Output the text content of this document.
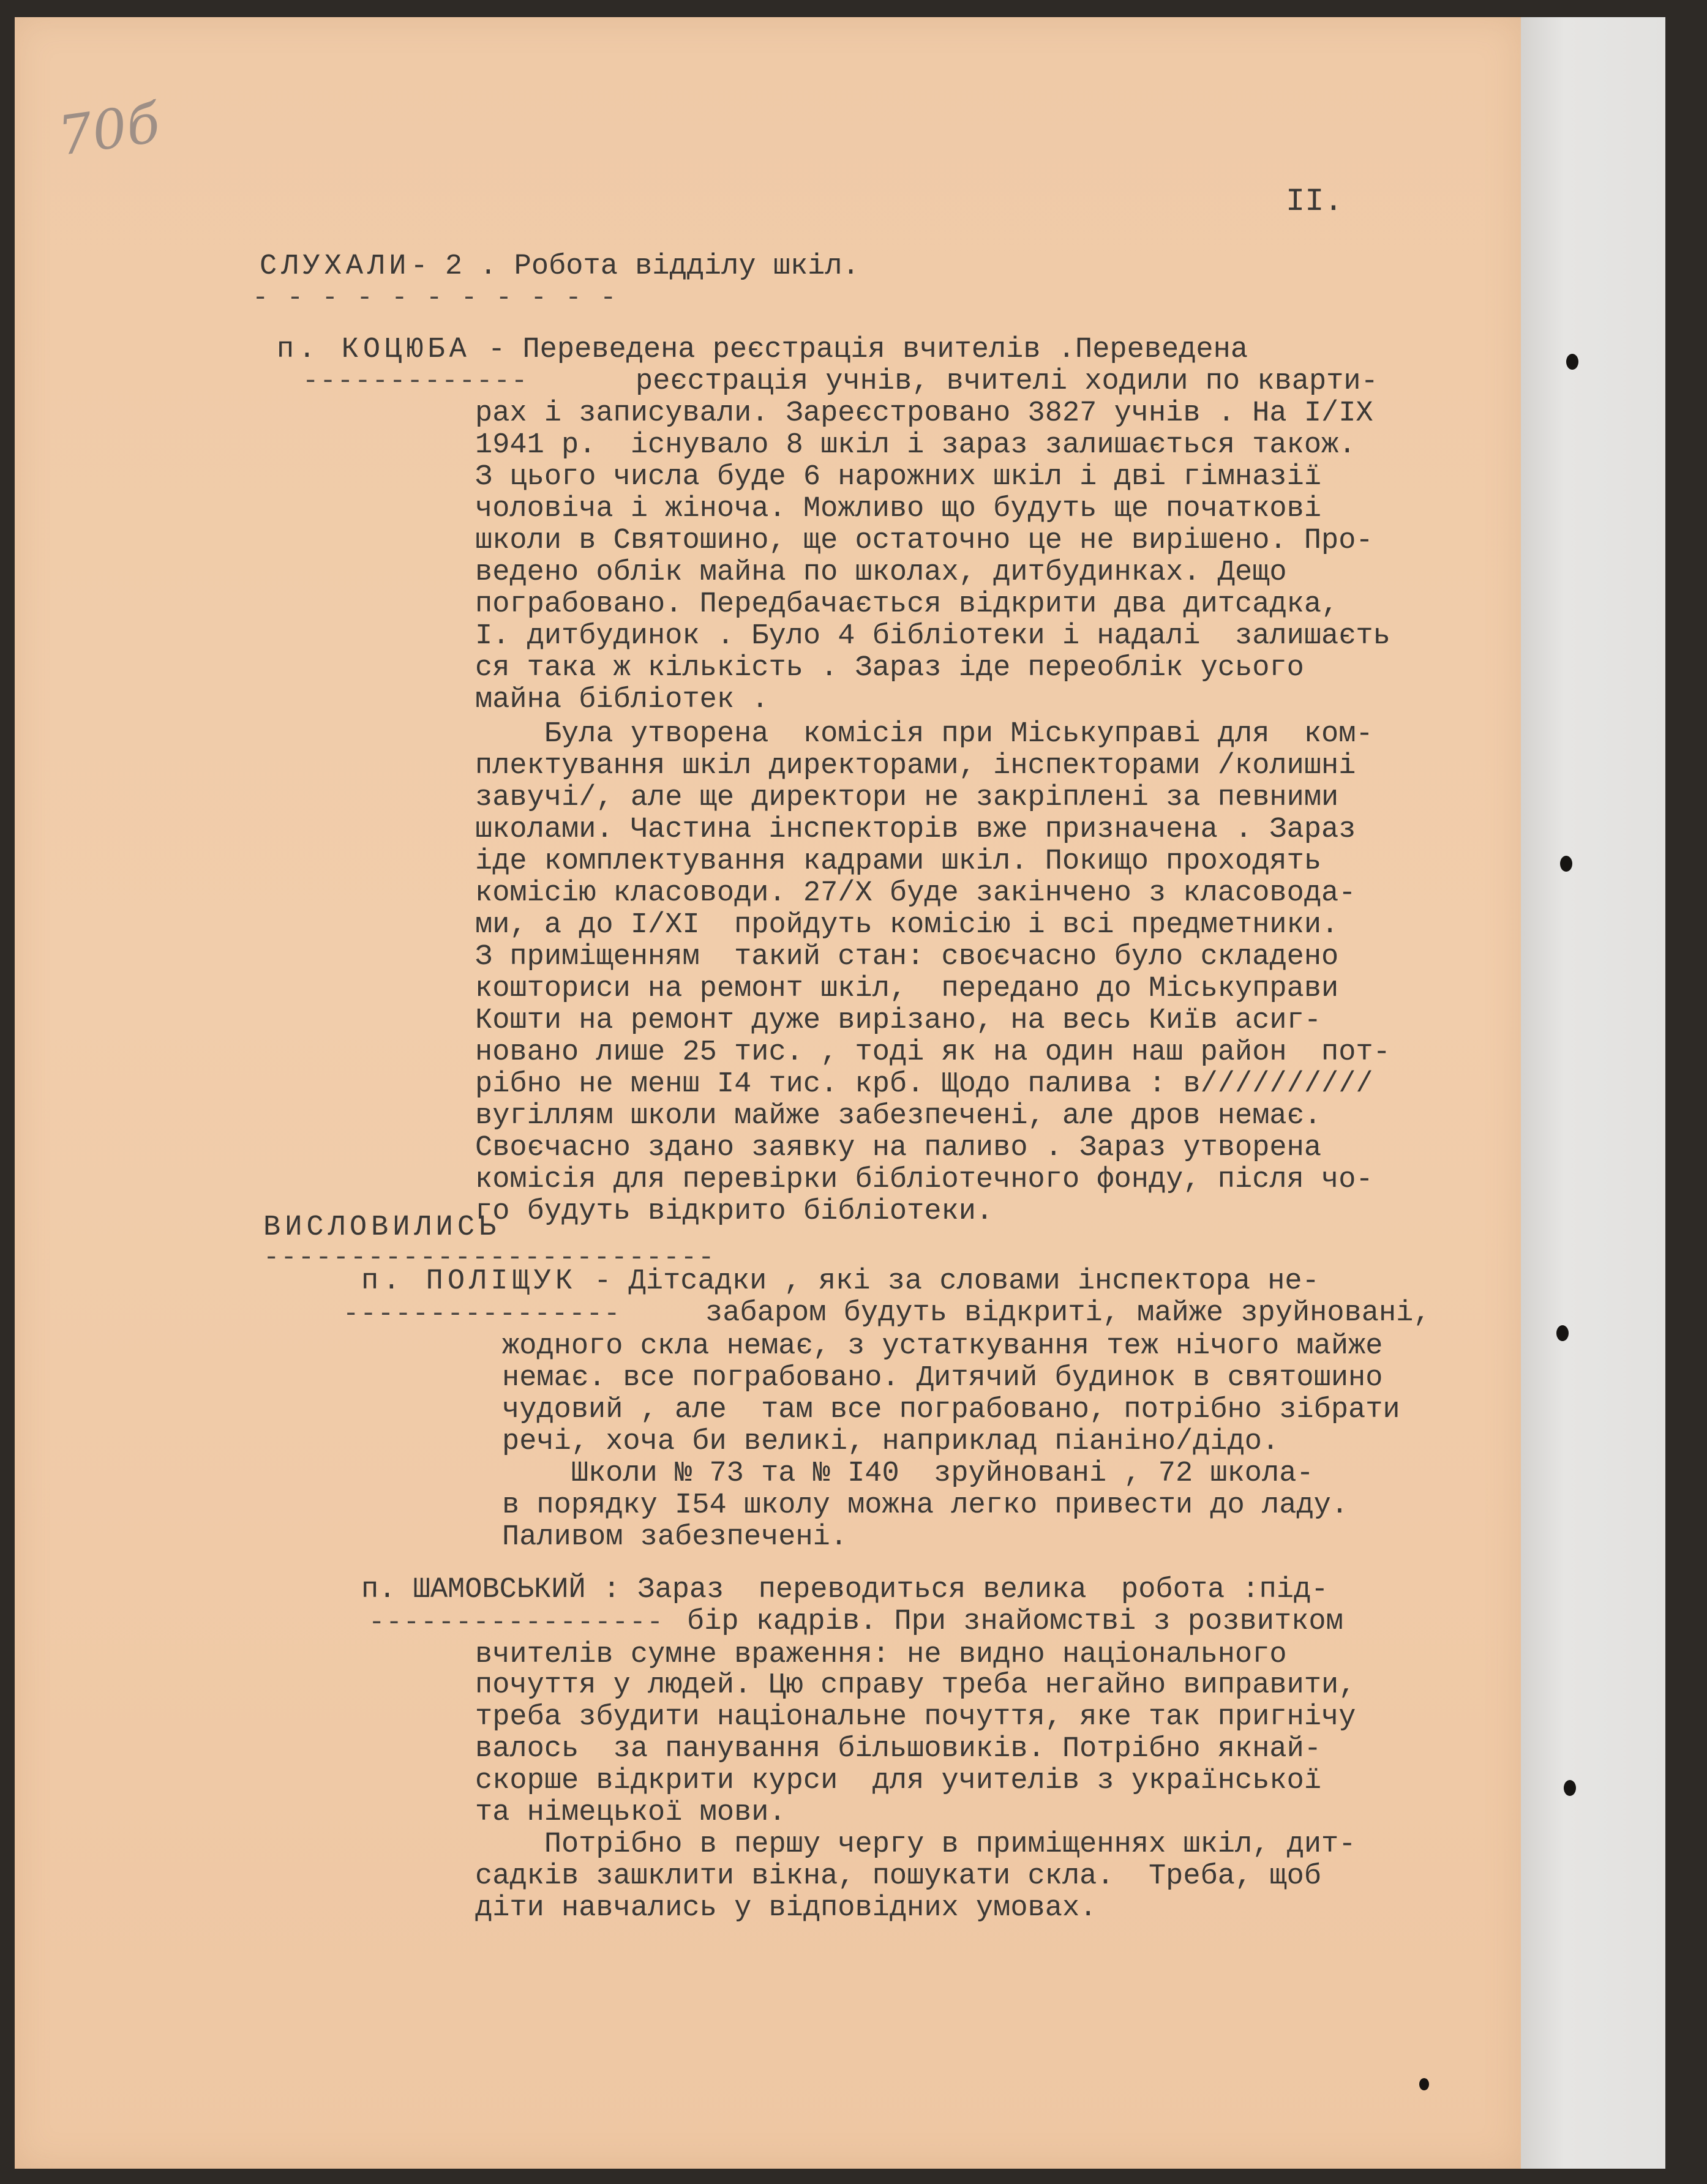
70б
II.
СЛУХАЛИ- 2 . Робота відділу шкіл.
- - - - - - - - - - -
п. КОЦЮБА - Переведена реєстрація вчителів .Переведена
-------------	реєстрація учнів, вчителі ходили по кварти-
рах і записували. Зареєстровано 3827 учнів . На І/ІХ
1941 р.  існувало 8 шкіл і зараз залишається також.
З цього числа буде 6 нарожних шкіл і дві гімназії
чоловіча і жіноча. Можливо що будуть ще початкові
школи в Святошино, ще остаточно це не вирішено. Про-
ведено облік майна по школах, дитбудинках. Дещо
пограбовано. Передбачається відкрити два дитсадка,
І. дитбудинок . Було 4 бібліотеки і надалі  залишаєть
ся така ж кількість . Зараз іде переоблік усього
майна бібліотек .
Була утворена  комісія при Міськуправі для  ком-
плектування шкіл директорами, інспекторами /колишні
завучі/, але ще директори не закріплені за певними
школами. Частина інспекторів вже призначена . Зараз
іде комплектування кадрами шкіл. Покищо проходять
комісію класоводи. 27/Х буде закінчено з класовода-
ми, а до І/ХІ  пройдуть комісію і всі предметники.
З приміщенням  такий стан: своєчасно було складено
кошториси на ремонт шкіл,  передано до Міськуправи
Кошти на ремонт дуже вирізано, на весь Київ асиг-
новано лише 25 тис. , тоді як на один наш район  пот-
рібно не менш І4 тис. крб. Щодо палива : в//////////
вугіллям школи майже забезпечені, але дров немає.
Своєчасно здано заявку на паливо . Зараз утворена
комісія для перевірки бібліотечного фонду, після чо-
го будуть відкрито бібліотеки.
ВИСЛОВИЛИСЬ
--------------------------
п. ПОЛІЩУК - Дітсадки , які за словами інспектора не-
----------------	забаром будуть відкриті, майже зруйновані,
жодного скла немає, з устаткування теж нічого майже
немає. все пограбовано. Дитячий будинок в святошино
чудовий , але  там все пограбовано, потрібно зібрати
речі, хоча би великі, наприклад піаніно/дідо.
Школи № 73 та № І40  зруйновані , 72 школа-
в порядку І54 школу можна легко привести до ладу.
Паливом забезпечені.
п. ШАМОВСЬКИЙ : Зараз  переводиться велика  робота :під-
----------------- бір кадрів. При знайомстві з розвитком
вчителів сумне враження: не видно національного
почуття у людей. Цю справу треба негайно виправити,
треба збудити національне почуття, яке так пригнічу
валось  за панування більшовиків. Потрібно якнай-
скорше відкрити курси  для учителів з української
та німецької мови.
Потрібно в першу чергу в приміщеннях шкіл, дит-
садків зашклити вікна, пошукати скла.  Треба, щоб
діти навчались у відповідних умовах.
